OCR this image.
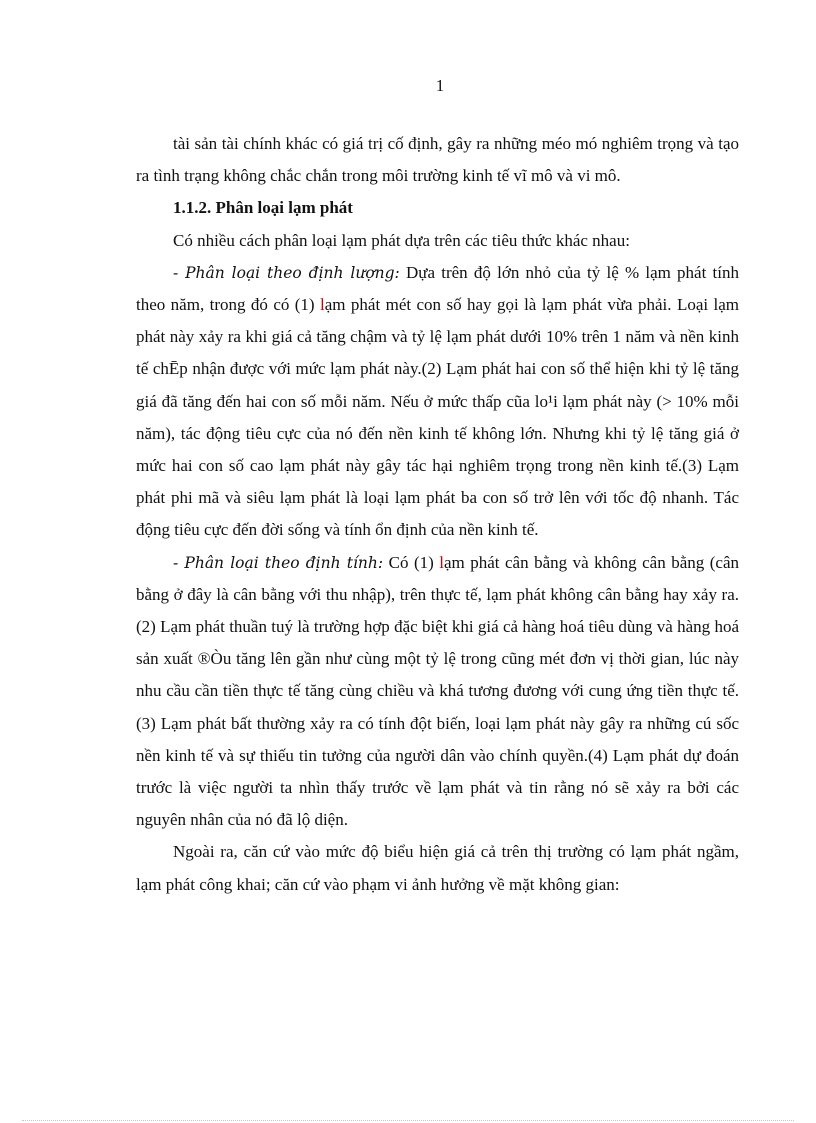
1

tài sản tài chính khác có giá trị cố định, gây ra những méo mó nghiêm trọng và tạo ra tình trạng không chắc chắn trong môi trường kinh tế vĩ mô và vi mô.

1.1.2. Phân loại lạm phát

Có nhiều cách phân loại lạm phát dựa trên các tiêu thức khác nhau:

- Phân loại theo định lượng: Dựa trên độ lớn nhỏ của tỷ lệ % lạm phát tính theo năm, trong đó có (1) lạm phát mét con số hay gọi là lạm phát vừa phải. Loại lạm phát này xảy ra khi giá cả tăng chậm và tỷ lệ lạm phát dưới 10% trên 1 năm và nền kinh tế chĒp nhận được với mức lạm phát này.(2) Lạm phát hai con số thể hiện khi tỷ lệ tăng giá đã tăng đến hai con số mỗi năm. Nếu ở mức thấp cũa lo¹i lạm phát này (> 10% mỗi năm), tác động tiêu cực của nó đến nền kinh tế không lớn. Nhưng khi tỷ lệ tăng giá ở mức hai con số cao lạm phát này gây tác hại nghiêm trọng trong nền kinh tế.(3) Lạm phát phi mã và siêu lạm phát là loại lạm phát ba con số trở lên với tốc độ nhanh. Tác động tiêu cực đến đời sống và tính ổn định của nền kinh tế.

- Phân loại theo định tính: Có (1) lạm phát cân bằng và không cân bằng (cân bằng ở đây là cân bằng với thu nhập), trên thực tế, lạm phát không cân bằng hay xảy ra. (2) Lạm phát thuần tuý là trường hợp đặc biệt khi giá cả hàng hoá tiêu dùng và hàng hoá sản xuất ®Òu tăng lên gần như cùng một tỷ lệ trong cũng mét đơn vị thời gian, lúc này nhu cầu cần tiền thực tế tăng cùng chiều và khá tương đương với cung ứng tiền thực tế.(3) Lạm phát bất thường xảy ra có tính đột biến, loại lạm phát này gây ra những cú sốc nền kinh tế và sự thiếu tin tưởng của người dân vào chính quyền.(4) Lạm phát dự đoán trước là việc người ta nhìn thấy trước về lạm phát và tin rằng nó sẽ xảy ra bởi các nguyên nhân của nó đã lộ diện.

Ngoài ra, căn cứ vào mức độ biểu hiện giá cả trên thị trường có lạm phát ngầm, lạm phát công khai; căn cứ vào phạm vi ảnh hưởng về mặt không gian:
